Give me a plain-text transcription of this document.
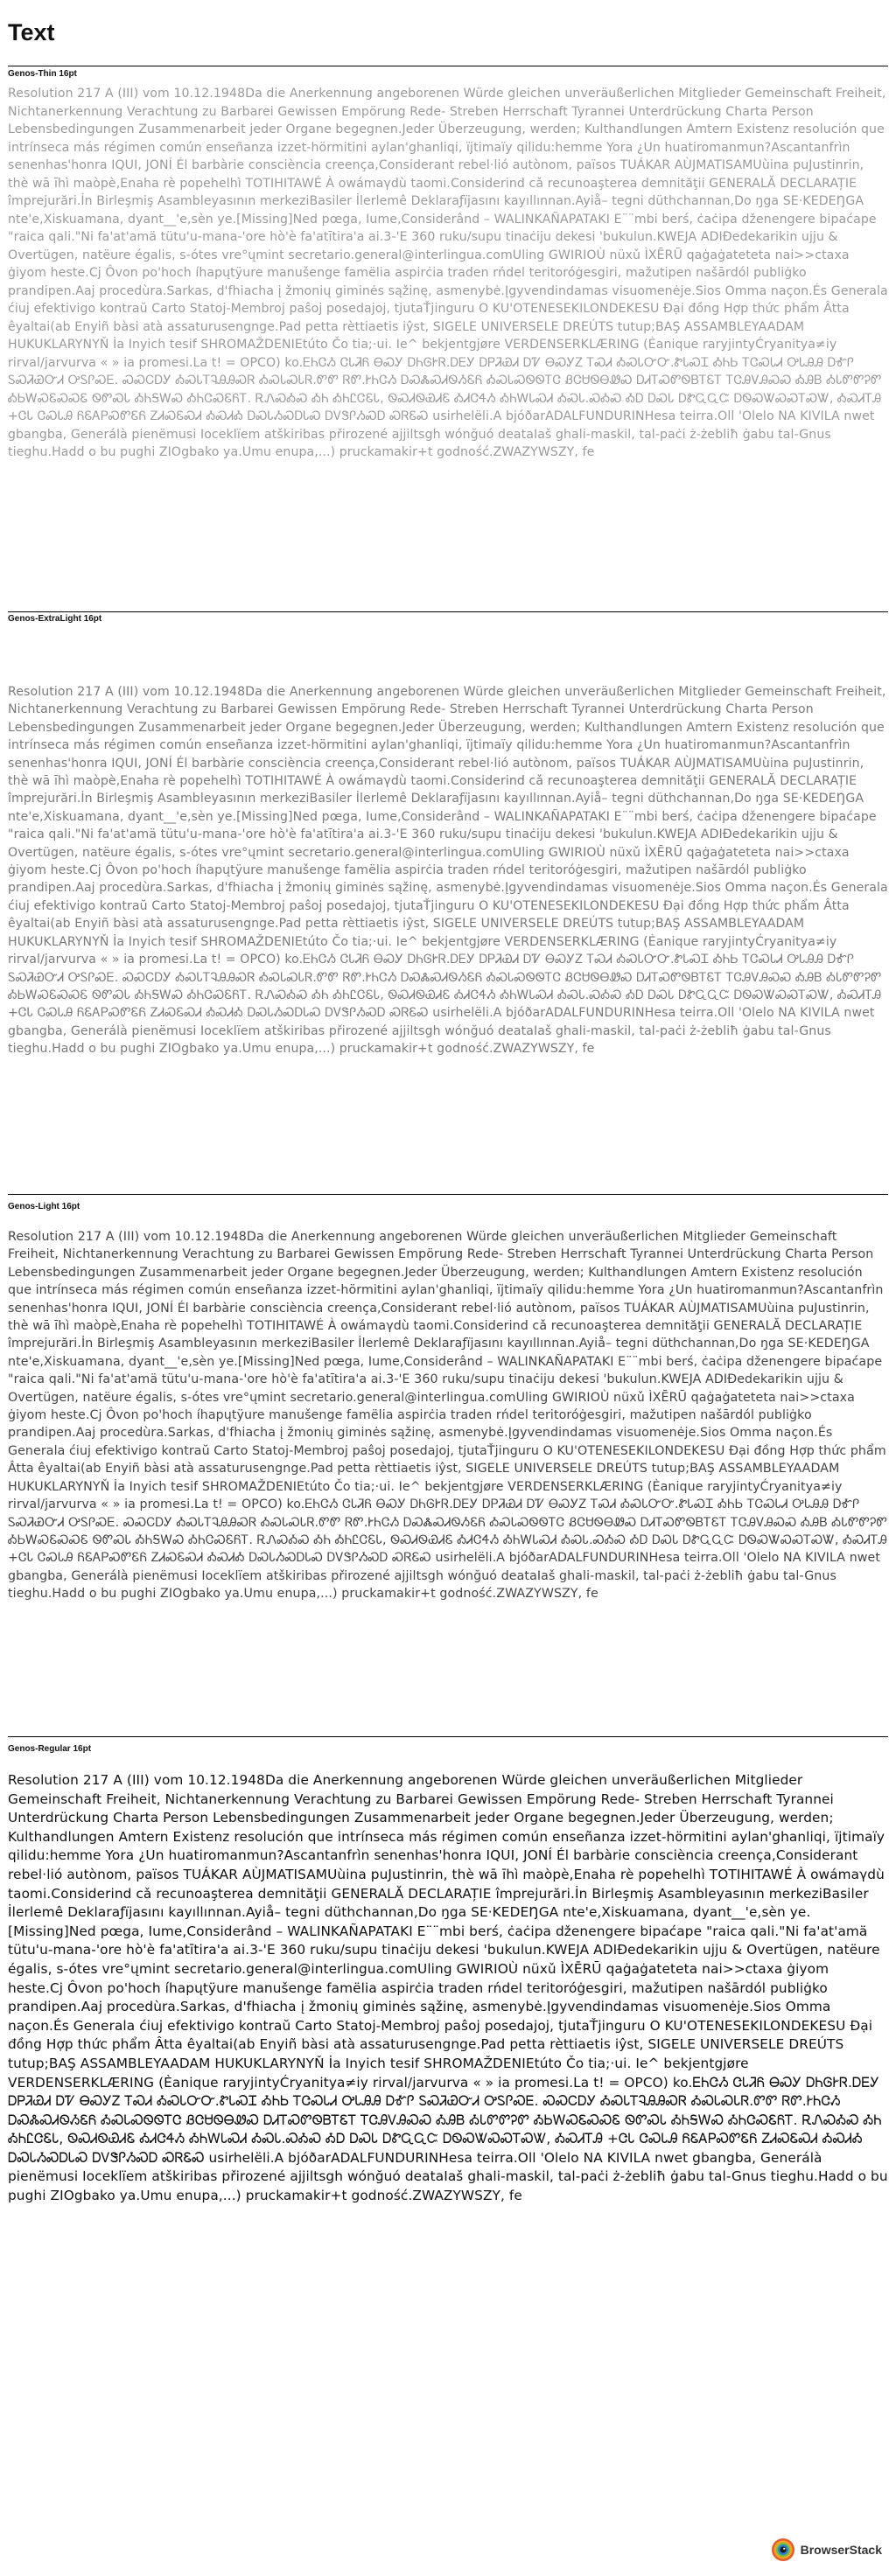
Text
Genos-Thin 16pt

Resolution 217 A (III) vom 10.12.1948Da die Anerkennung angeborenen Würde gleichen unveräußerlichen Mitglieder Gemeinschaft Freiheit, Nichtanerkennung Verachtung zu Barbarei Gewissen Empörung Rede- Streben Herrschaft Tyrannei Unterdrückung Charta Person Lebensbedingungen Zusammenarbeit jeder Organe begegnen.Jeder Überzeugung, werden; Kulthandlungen Amtern Existenz resolución que intrínseca más régimen común enseñanza izzet-hörmitini aylan'ghanliqi, ïjtimaïy qilidu:hemme Yora ¿Un huatiromanmun?Ascantanfrìn senenhas'honra IQUI, JONÍ Él barbàrie consciència creença,Considerant rebel·lió autònom, països TUÁKAR AÙJMATISAMUùina puJustinrin, thè wā īhì maòpè,Enaha rè popehelhì TOTIHITAWÉ À owámaγdù taomi.Considerind cǎ recunoaşterea demnităţii GENERALĂ DECLARAȚIE împrejurări.İn Birleşmiş Asambleyasının merkeziBasiler İlerlemê Deklaraƒïjasını kayıllınnan.Ayiå– tegni düthchannan,Do ŋga SE·KEDEŊGA nte'e,Xiskuamana, dyant__'e,sèn ye.[Missing]Ned pœga, Iume,Considerând – WALINKAÑAPATAKI E¨¨mbi berś, ċaċipa dženengere bipaćape "raica qali."Ni fa'at'amä tütu'u-mana-'ore hò'è fa'atītira'a ai.3-'E 360 ruku/supu tinaċiju dekesi 'bukulun.KWEJA ADIĐedekarikin ujju & Overtügen, natëure égalis, s-ótes vre°ųmint secretario.general@interlingua.comUling GWIRIOÙ nüxǔ ÌXĒRŪ qaġaġateteta nai>>ctaxa ġiyom heste.Cj Ôvon po'hoch íhapųtÿure manušenge famëlia aspirċia traden rńdel teritoróġesgiri, mažutipen našārdól publiġko prandipen.Aaj procedùra.Sarkas, d'fhiacha į žmonių giminės sąžinę, asmenybė.Įgyvendindamas visuomenėje.Sios Omma naçon.És Generala ćiuj efektivigo kontraŭ Carto Statoj-Membroj paŝoj posedajoj, tjutaŤjinguru O KU'OTENESEKILONDEKESU Đại đồng Hợp thức phẩm Âtta êyaltai(ab Enyiñ bàsi atà assaturusengnge.Pad petta rèttiaetis iŷst, SIGELE UNIVERSELE DREÚTS tutup;BAŞ ASSAMBLEYAADAM HUKUKLARYNYŇ İa Inyich tesif SHROMAŽDENIEtúto Čo tia;·ui. Ie^ bekjentgjøre VERDENSERKLÆRING (Ѐanique raryjintyĆryanitya≠iy rirval∕jarvurva « » ia promesi.La t! = OPCO) ko.ᎬᏂᏣᏱ ᏣᏓᏘᏲ ᎾᏍᎩ ᎠᏂᎶᎨᏒ.ᎠᎬᎩ ᎠᏢᏘᏯᏗ ᎠᏤ ᎾᏍᎩᏃ ᎢᏍᏗ ᎣᏍᏓᏅᏅ.ᏑᏓᏍᏆ ᎣᏂᏏ ᎢᏣᏍᏓᏗ ᎤᏓᎯᎯ ᎠᎹᎵ ᏚᏍᏘᏯᏅᏗ ᎤᏚᎵᏍᎬ. ᏍᏍᏟᎠᎩ ᎣᏍᏓᎢᎸᎯᎯᏍᏒ ᎣᏍᏓᏍᏓᏒ.ᏛᏛ ᏒᏛ.ᎨᏂᏣᏱ ᎠᏍᏜᏍᏗᏫᏱᏋᏲ ᎣᏍᏓᏍᏫᏫᎢᏣ ᏰᏣᏌᏫᎾᏪᏍ ᎠᏗᎢᏍᏛᏫᏴᎢᏋᎢ ᎢᏣᎯᏙᎯᏍᏍ ᎣᎯᏴ ᎣᏓᏛᏛᎮᏛ ᎣᏏᎳᏍᏋᏍᏍᏋ ᏫᏛᏍᏓ ᎣᏂᎦᎳᏍ ᎣᏂᏣᏍᏋᏲᎢ. ᎡᏁᏍᎣᏍ ᎣᏂ ᎣᏂᏝᏣᏋᏓ, ᏫᏍᏗᏫᏯᏗᏋ ᎣᏗᏣᏎᏱ ᎣᏂᎳᏓᏍᏗ ᎣᏍᏓ.ᏍᎣᏍ ᎣᎠ ᎠᏍᏓ ᎠᏑᏩᏩᏨ ᎠᏫᏍᏔᏍᏍᎢᏍᏔ, ᎣᏍᏗᎢᎯ +ᏣᏓ ᏣᏍᏓᎯ ᏲᏋᎪᏢᏍᏛᏋᏲ ᏃᏗᏍᏋᏍᏗ ᎣᏍᏗᎣ ᎠᏍᏓᏱᏍᎠᏓᏍ ᎠᏙᏕᎵᏱᏍᎠ ᏍᏒᏋᏍ usirhelëli.A bjóðarADALFUNDURINHesa teirra.Oll 'Olelo NA KIVILA nwet gbangba, Generálà pienëmusi Ioceklïem atškiribas přirozené ajjiltsgh wónğuó deataIaš ghali-maskil, tal-paċi ż-żebliħ ġabu tal-Gnus tieghu.Hadd o bu pughi ZIOgbako ya.Umu enupa,...) pruckamakir+t godność.ZWAZYWSZY, fe

Genos-ExtraLight 16pt

Resolution 217 A (III) vom 10.12.1948Da die Anerkennung angeborenen Würde gleichen unveräußerlichen Mitglieder Gemeinschaft Freiheit, Nichtanerkennung Verachtung zu Barbarei Gewissen Empörung Rede- Streben Herrschaft Tyrannei Unterdrückung Charta Person Lebensbedingungen Zusammenarbeit jeder Organe begegnen.Jeder Überzeugung, werden; Kulthandlungen Amtern Existenz resolución que intrínseca más régimen común enseñanza izzet-hörmitini aylan'ghanliqi, ïjtimaïy qilidu:hemme Yora ¿Un huatiromanmun?Ascantanfrìn senenhas'honra IQUI, JONÍ Él barbàrie consciència creença,Considerant rebel·lió autònom, països TUÁKAR AÙJMATISAMUùina puJustinrin, thè wā īhì maòpè,Enaha rè popehelhì TOTIHITAWÉ À owámaγdù taomi.Considerind cǎ recunoaşterea demnităţii GENERALĂ DECLARAȚIE împrejurări.İn Birleşmiş Asambleyasının merkeziBasiler İlerlemê Deklaraƒïjasını kayıllınnan.Ayiå– tegni düthchannan,Do ŋga SE·KEDEŊGA nte'e,Xiskuamana, dyant__'e,sèn ye.[Missing]Ned pœga, Iume,Considerând – WALINKAÑAPATAKI E¨¨mbi berś, ċaċipa dženengere bipaćape "raica qali."Ni fa'at'amä tütu'u-mana-'ore hò'è fa'atītira'a ai.3-'E 360 ruku/supu tinaċiju dekesi 'bukulun.KWEJA ADIĐedekarikin ujju & Overtügen, natëure égalis, s-ótes vre°ųmint secretario.general@interlingua.comUling GWIRIOÙ nüxǔ ÌXĒRŪ qaġaġateteta nai>>ctaxa ġiyom heste.Cj Ôvon po'hoch íhapųtÿure manušenge famëlia aspirċia traden rńdel teritoróġesgiri, mažutipen našārdól publiġko prandipen.Aaj procedùra.Sarkas, d'fhiacha į žmonių giminės sąžinę, asmenybė.Įgyvendindamas visuomenėje.Sios Omma naçon.És Generala ćiuj efektivigo kontraŭ Carto Statoj-Membroj paŝoj posedajoj, tjutaŤjinguru O KU'OTENESEKILONDEKESU Đại đồng Hợp thức phẩm Âtta êyaltai(ab Enyiñ bàsi atà assaturusengnge.Pad petta rèttiaetis iŷst, SIGELE UNIVERSELE DREÚTS tutup;BAŞ ASSAMBLEYAADAM HUKUKLARYNYŇ İa Inyich tesif SHROMAŽDENIEtúto Čo tia;·ui. Ie^ bekjentgjøre VERDENSERKLÆRING (Ѐanique raryjintyĆryanitya≠iy rirval∕jarvurva « » ia promesi.La t! = OPCO) ko.ᎬᏂᏣᏱ ᏣᏓᏘᏲ ᎾᏍᎩ ᎠᏂᎶᎨᏒ.ᎠᎬᎩ ᎠᏢᏘᏯᏗ ᎠᏤ ᎾᏍᎩᏃ ᎢᏍᏗ ᎣᏍᏓᏅᏅ.ᏑᏓᏍᏆ ᎣᏂᏏ ᎢᏣᏍᏓᏗ ᎤᏓᎯᎯ ᎠᎹᎵ ᏚᏍᏘᏯᏅᏗ ᎤᏚᎵᏍᎬ. ᏍᏍᏟᎠᎩ ᎣᏍᏓᎢᎸᎯᎯᏍᏒ ᎣᏍᏓᏍᏓᏒ.ᏛᏛ ᏒᏛ.ᎨᏂᏣᏱ ᎠᏍᏜᏍᏗᏫᏱᏋᏲ ᎣᏍᏓᏍᏫᏫᎢᏣ ᏰᏣᏌᏫᎾᏪᏍ ᎠᏗᎢᏍᏛᏫᏴᎢᏋᎢ ᎢᏣᎯᏙᎯᏍᏍ ᎣᎯᏴ ᎣᏓᏛᏛᎮᏛ ᎣᏏᎳᏍᏋᏍᏍᏋ ᏫᏛᏍᏓ ᎣᏂᎦᎳᏍ ᎣᏂᏣᏍᏋᏲᎢ. ᎡᏁᏍᎣᏍ ᎣᏂ ᎣᏂᏝᏣᏋᏓ, ᏫᏍᏗᏫᏯᏗᏋ ᎣᏗᏣᏎᏱ ᎣᏂᎳᏓᏍᏗ ᎣᏍᏓ.ᏍᎣᏍ ᎣᎠ ᎠᏍᏓ ᎠᏑᏩᏩᏨ ᎠᏫᏍᏔᏍᏍᎢᏍᏔ, ᎣᏍᏗᎢᎯ +ᏣᏓ ᏣᏍᏓᎯ ᏲᏋᎪᏢᏍᏛᏋᏲ ᏃᏗᏍᏋᏍᏗ ᎣᏍᏗᎣ ᎠᏍᏓᏱᏍᎠᏓᏍ ᎠᏙᏕᎵᏱᏍᎠ ᏍᏒᏋᏍ usirhelëli.A bjóðarADALFUNDURINHesa teirra.Oll 'Olelo NA KIVILA nwet gbangba, Generálà pienëmusi Ioceklïem atškiribas přirozené ajjiltsgh wónğuó deataIaš ghali-maskil, tal-paċi ż-żebliħ ġabu tal-Gnus tieghu.Hadd o bu pughi ZIOgbako ya.Umu enupa,...) pruckamakir+t godność.ZWAZYWSZY, fe

Genos-Light 16pt

Resolution 217 A (III) vom 10.12.1948Da die Anerkennung angeborenen Würde gleichen unveräußerlichen Mitglieder Gemeinschaft Freiheit, Nichtanerkennung Verachtung zu Barbarei Gewissen Empörung Rede- Streben Herrschaft Tyrannei Unterdrückung Charta Person Lebensbedingungen Zusammenarbeit jeder Organe begegnen.Jeder Überzeugung, werden; Kulthandlungen Amtern Existenz resolución que intrínseca más régimen común enseñanza izzet-hörmitini aylan'ghanliqi, ïjtimaïy qilidu:hemme Yora ¿Un huatiromanmun?Ascantanfrìn senenhas'honra IQUI, JONÍ Él barbàrie consciència creença,Considerant rebel·lió autònom, països TUÁKAR AÙJMATISAMUùina puJustinrin, thè wā īhì maòpè,Enaha rè popehelhì TOTIHITAWÉ À owámaγdù taomi.Considerind cǎ recunoaşterea demnităţii GENERALĂ DECLARAȚIE împrejurări.İn Birleşmiş Asambleyasının merkeziBasiler İlerlemê Deklaraƒïjasını kayıllınnan.Ayiå– tegni düthchannan,Do ŋga SE·KEDEŊGA nte'e,Xiskuamana, dyant__'e,sèn ye.[Missing]Ned pœga, Iume,Considerând – WALINKAÑAPATAKI E¨¨mbi berś, ċaċipa dženengere bipaćape "raica qali."Ni fa'at'amä tütu'u-mana-'ore hò'è fa'atītira'a ai.3-'E 360 ruku/supu tinaċiju dekesi 'bukulun.KWEJA ADIĐedekarikin ujju & Overtügen, natëure égalis, s-ótes vre°ųmint secretario.general@interlingua.comUling GWIRIOÙ nüxǔ ÌXĒRŪ qaġaġateteta nai>>ctaxa ġiyom heste.Cj Ôvon po'hoch íhapųtÿure manušenge famëlia aspirċia traden rńdel teritoróġesgiri, mažutipen našārdól publiġko prandipen.Aaj procedùra.Sarkas, d'fhiacha į žmonių giminės sąžinę, asmenybė.Įgyvendindamas visuomenėje.Sios Omma naçon.És Generala ćiuj efektivigo kontraŭ Carto Statoj-Membroj paŝoj posedajoj, tjutaŤjinguru O KU'OTENESEKILONDEKESU Đại đồng Hợp thức phẩm Âtta êyaltai(ab Enyiñ bàsi atà assaturusengnge.Pad petta rèttiaetis iŷst, SIGELE UNIVERSELE DREÚTS tutup;BAŞ ASSAMBLEYAADAM HUKUKLARYNYŇ İa Inyich tesif SHROMAŽDENIEtúto Čo tia;·ui. Ie^ bekjentgjøre VERDENSERKLÆRING (Ѐanique raryjintyĆryanitya≠iy rirval∕jarvurva « » ia promesi.La t! = OPCO) ko.ᎬᏂᏣᏱ ᏣᏓᏘᏲ ᎾᏍᎩ ᎠᏂᎶᎨᏒ.ᎠᎬᎩ ᎠᏢᏘᏯᏗ ᎠᏤ ᎾᏍᎩᏃ ᎢᏍᏗ ᎣᏍᏓᏅᏅ.ᏑᏓᏍᏆ ᎣᏂᏏ ᎢᏣᏍᏓᏗ ᎤᏓᎯᎯ ᎠᎹᎵ ᏚᏍᏘᏯᏅᏗ ᎤᏚᎵᏍᎬ. ᏍᏍᏟᎠᎩ ᎣᏍᏓᎢᎸᎯᎯᏍᏒ ᎣᏍᏓᏍᏓᏒ.ᏛᏛ ᏒᏛ.ᎨᏂᏣᏱ ᎠᏍᏜᏍᏗᏫᏱᏋᏲ ᎣᏍᏓᏍᏫᏫᎢᏣ ᏰᏣᏌᏫᎾᏪᏍ ᎠᏗᎢᏍᏛᏫᏴᎢᏋᎢ ᎢᏣᎯᏙᎯᏍᏍ ᎣᎯᏴ ᎣᏓᏛᏛᎮᏛ ᎣᏏᎳᏍᏋᏍᏍᏋ ᏫᏛᏍᏓ ᎣᏂᎦᎳᏍ ᎣᏂᏣᏍᏋᏲᎢ. ᎡᏁᏍᎣᏍ ᎣᏂ ᎣᏂᏝᏣᏋᏓ, ᏫᏍᏗᏫᏯᏗᏋ ᎣᏗᏣᏎᏱ ᎣᏂᎳᏓᏍᏗ ᎣᏍᏓ.ᏍᎣᏍ ᎣᎠ ᎠᏍᏓ ᎠᏑᏩᏩᏨ ᎠᏫᏍᏔᏍᏍᎢᏍᏔ, ᎣᏍᏗᎢᎯ +ᏣᏓ ᏣᏍᏓᎯ ᏲᏋᎪᏢᏍᏛᏋᏲ ᏃᏗᏍᏋᏍᏗ ᎣᏍᏗᎣ ᎠᏍᏓᏱᏍᎠᏓᏍ ᎠᏙᏕᎵᏱᏍᎠ ᏍᏒᏋᏍ usirhelëli.A bjóðarADALFUNDURINHesa teirra.Oll 'Olelo NA KIVILA nwet gbangba, Generálà pienëmusi Ioceklïem atškiribas přirozené ajjiltsgh wónğuó deataIaš ghali-maskil, tal-paċi ż-żebliħ ġabu tal-Gnus tieghu.Hadd o bu pughi ZIOgbako ya.Umu enupa,...) pruckamakir+t godność.ZWAZYWSZY, fe

Genos-Regular 16pt

Resolution 217 A (III) vom 10.12.1948Da die Anerkennung angeborenen Würde gleichen unveräußerlichen Mitglieder Gemeinschaft Freiheit, Nichtanerkennung Verachtung zu Barbarei Gewissen Empörung Rede- Streben Herrschaft Tyrannei Unterdrückung Charta Person Lebensbedingungen Zusammenarbeit jeder Organe begegnen.Jeder Überzeugung, werden; Kulthandlungen Amtern Existenz resolución que intrínseca más régimen común enseñanza izzet-hörmitini aylan'ghanliqi, ïjtimaïy qilidu:hemme Yora ¿Un huatiromanmun?Ascantanfrìn senenhas'honra IQUI, JONÍ Él barbàrie consciència creença,Considerant rebel·lió autònom, països TUÁKAR AÙJMATISAMUùina puJustinrin, thè wā īhì maòpè,Enaha rè popehelhì TOTIHITAWÉ À owámaγdù taomi.Considerind cǎ recunoaşterea demnităţii GENERALĂ DECLARAȚIE împrejurări.İn Birleşmiş Asambleyasının merkeziBasiler İlerlemê Deklaraƒïjasını kayıllınnan.Ayiå– tegni düthchannan,Do ŋga SE·KEDEŊGA nte'e,Xiskuamana, dyant__'e,sèn ye.[Missing]Ned pœga, Iume,Considerând – WALINKAÑAPATAKI E¨¨mbi berś, ċaċipa dženengere bipaćape "raica qali."Ni fa'at'amä tütu'u-mana-'ore hò'è fa'atītira'a ai.3-'E 360 ruku/supu tinaċiju dekesi 'bukulun.KWEJA ADIĐedekarikin ujju & Overtügen, natëure égalis, s-ótes vre°ųmint secretario.general@interlingua.comUling GWIRIOÙ nüxǔ ÌXĒRŪ qaġaġateteta nai>>ctaxa ġiyom heste.Cj Ôvon po'hoch íhapųtÿure manušenge famëlia aspirċia traden rńdel teritoróġesgiri, mažutipen našārdól publiġko prandipen.Aaj procedùra.Sarkas, d'fhiacha į žmonių giminės sąžinę, asmenybė.Įgyvendindamas visuomenėje.Sios Omma naçon.És Generala ćiuj efektivigo kontraŭ Carto Statoj-Membroj paŝoj posedajoj, tjutaŤjinguru O KU'OTENESEKILONDEKESU Đại đồng Hợp thức phẩm Âtta êyaltai(ab Enyiñ bàsi atà assaturusengnge.Pad petta rèttiaetis iŷst, SIGELE UNIVERSELE DREÚTS tutup;BAŞ ASSAMBLEYAADAM HUKUKLARYNYŇ İa Inyich tesif SHROMAŽDENIEtúto Čo tia;·ui. Ie^ bekjentgjøre VERDENSERKLÆRING (Ѐanique raryjintyĆryanitya≠iy rirval∕jarvurva « » ia promesi.La t! = OPCO) ko.ᎬᏂᏣᏱ ᏣᏓᏘᏲ ᎾᏍᎩ ᎠᏂᎶᎨᏒ.ᎠᎬᎩ ᎠᏢᏘᏯᏗ ᎠᏤ ᎾᏍᎩᏃ ᎢᏍᏗ ᎣᏍᏓᏅᏅ.ᏑᏓᏍᏆ ᎣᏂᏏ ᎢᏣᏍᏓᏗ ᎤᏓᎯᎯ ᎠᎹᎵ ᏚᏍᏘᏯᏅᏗ ᎤᏚᎵᏍᎬ. ᏍᏍᏟᎠᎩ ᎣᏍᏓᎢᎸᎯᎯᏍᏒ ᎣᏍᏓᏍᏓᏒ.ᏛᏛ ᏒᏛ.ᎨᏂᏣᏱ ᎠᏍᏜᏍᏗᏫᏱᏋᏲ ᎣᏍᏓᏍᏫᏫᎢᏣ ᏰᏣᏌᏫᎾᏪᏍ ᎠᏗᎢᏍᏛᏫᏴᎢᏋᎢ ᎢᏣᎯᏙᎯᏍᏍ ᎣᎯᏴ ᎣᏓᏛᏛᎮᏛ ᎣᏏᎳᏍᏋᏍᏍᏋ ᏫᏛᏍᏓ ᎣᏂᎦᎳᏍ ᎣᏂᏣᏍᏋᏲᎢ. ᎡᏁᏍᎣᏍ ᎣᏂ ᎣᏂᏝᏣᏋᏓ, ᏫᏍᏗᏫᏯᏗᏋ ᎣᏗᏣᏎᏱ ᎣᏂᎳᏓᏍᏗ ᎣᏍᏓ.ᏍᎣᏍ ᎣᎠ ᎠᏍᏓ ᎠᏑᏩᏩᏨ ᎠᏫᏍᏔᏍᏍᎢᏍᏔ, ᎣᏍᏗᎢᎯ +ᏣᏓ ᏣᏍᏓᎯ ᏲᏋᎪᏢᏍᏛᏋᏲ ᏃᏗᏍᏋᏍᏗ ᎣᏍᏗᎣ ᎠᏍᏓᏱᏍᎠᏓᏍ ᎠᏙᏕᎵᏱᏍᎠ ᏍᏒᏋᏍ usirhelëli.A bjóðarADALFUNDURINHesa teirra.Oll 'Olelo NA KIVILA nwet gbangba, Generálà pienëmusi Ioceklïem atškiribas přirozené ajjiltsgh wónğuó deataIaš ghali-maskil, tal-paċi ż-żebliħ ġabu tal-Gnus tieghu.Hadd o bu pughi ZIOgbako ya.Umu enupa,...) pruckamakir+t godność.ZWAZYWSZY, fe

BrowserStack
